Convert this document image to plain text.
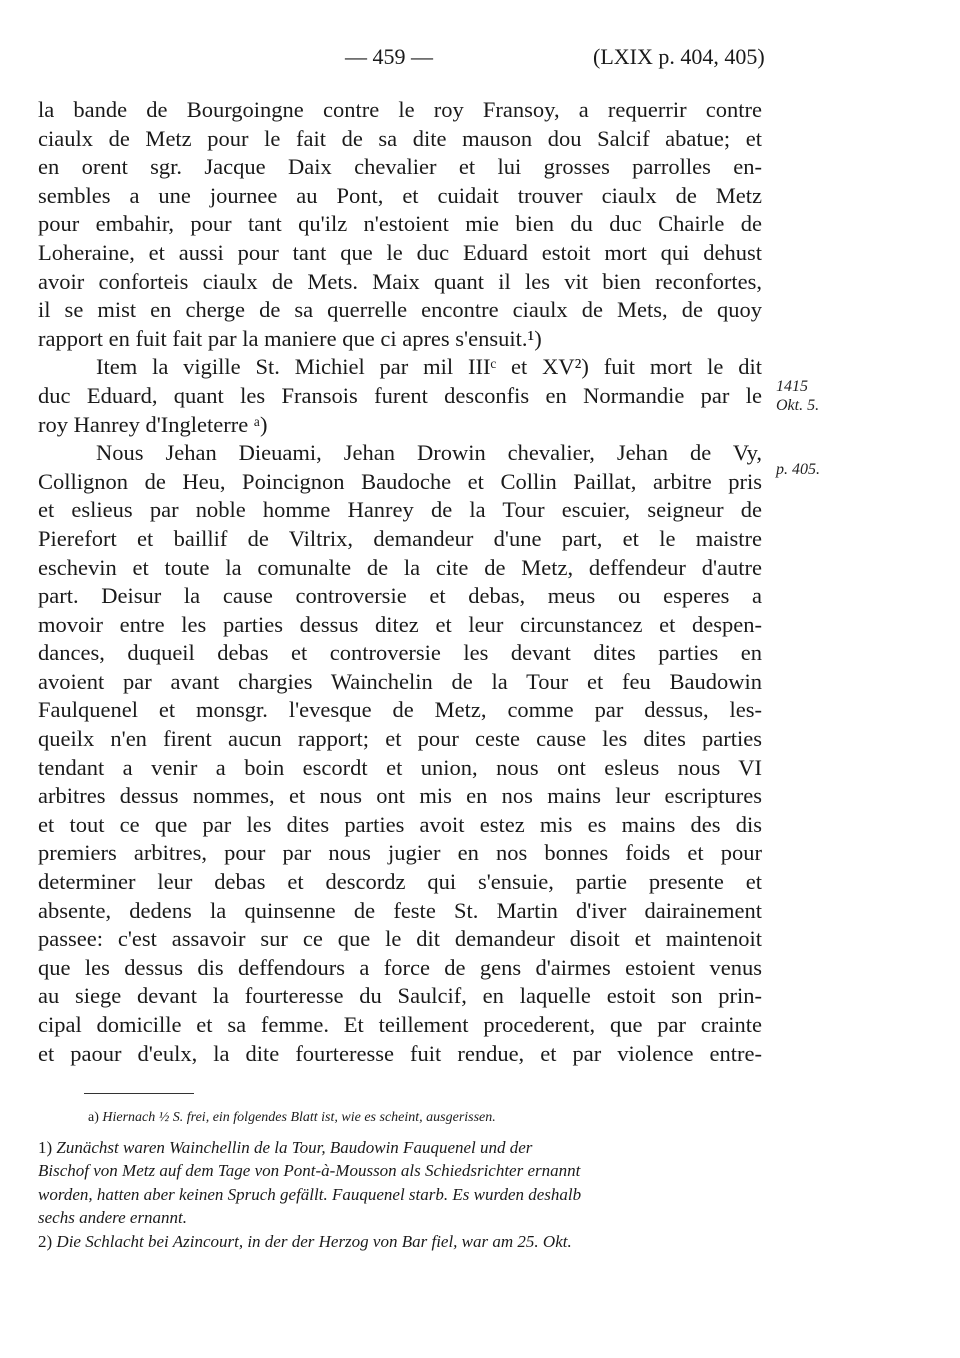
— 459 —	(LXIX p. 404, 405)
la bande de Bourgoingne contre le roy Fransoy, a requerrir contre
ciaulx de Metz pour le fait de sa dite mauson dou Salcif abatue; et
en orent sgr. Jacque Daix chevalier et lui grosses parrolles en-
sembles a une journee au Pont, et cuidait trouver ciaulx de Metz
pour embahir, pour tant qu'ilz n'estoient mie bien du duc Chairle de
Loheraine, et aussi pour tant que le duc Eduard estoit mort qui dehust
avoir conforteis ciaulx de Mets. Maix quant il les vit bien reconfortes,
il se mist en cherge de sa querrelle encontre ciaulx de Mets, de quoy
rapport en fuit fait par la maniere que ci apres s'ensuit.¹)
Item la vigille St. Michiel par mil IIIᶜ et XV²) fuit mort le dit
duc Eduard, quant les Fransois furent desconfis en Normandie par le
roy Hanrey d'Ingleterre ᵃ)
Nous Jehan Dieuami, Jehan Drowin chevalier, Jehan de Vy,
Collignon de Heu, Poincignon Baudoche et Collin Paillat, arbitre pris
et eslieus par noble homme Hanrey de la Tour escuier, seigneur de
Pierefort et baillif de Viltrix, demandeur d'une part, et le maistre
eschevin et toute la comunalte de la cite de Metz, deffendeur d'autre
part. Deisur la cause controversie et debas, meus ou esperes a
movoir entre les parties dessus ditez et leur circunstancez et despen-
dances, duqueil debas et controversie les devant dites parties en
avoient par avant chargies Wainchelin de la Tour et feu Baudowin
Faulquenel et monsgr. l'evesque de Metz, comme par dessus, les-
queilx n'en firent aucun rapport; et pour ceste cause les dites parties
tendant a venir a boin escordt et union, nous ont esleus nous VI
arbitres dessus nommes, et nous ont mis en nos mains leur escriptures
et tout ce que par les dites parties avoit estez mis es mains des dis
premiers arbitres, pour par nous jugier en nos bonnes foids et pour
determiner leur debas et descordz qui s'ensuie, partie presente et
absente, dedens la quinsenne de feste St. Martin d'iver dairainement
passee: c'est assavoir sur ce que le dit demandeur disoit et maintenoit
que les dessus dis deffendours a force de gens d'airmes estoient venus
au siege devant la fourteresse du Saulcif, en laquelle estoit son prin-
cipal domicille et sa femme. Et teillement procederent, que par crainte
et paour d'eulx, la dite fourteresse fuit rendue, et par violence entre-
1415
Okt. 5.
p. 405.
a) Hiernach ½ S. frei, ein folgendes Blatt ist, wie es scheint, ausgerissen.
1) Zunächst waren Wainchellin de la Tour, Baudowin Fauquenel und der
Bischof von Metz auf dem Tage von Pont-à-Mousson als Schiedsrichter ernannt
worden, hatten aber keinen Spruch gefällt. Fauquenel starb. Es wurden deshalb
sechs andere ernannt.
2) Die Schlacht bei Azincourt, in der der Herzog von Bar fiel, war am 25. Okt.
